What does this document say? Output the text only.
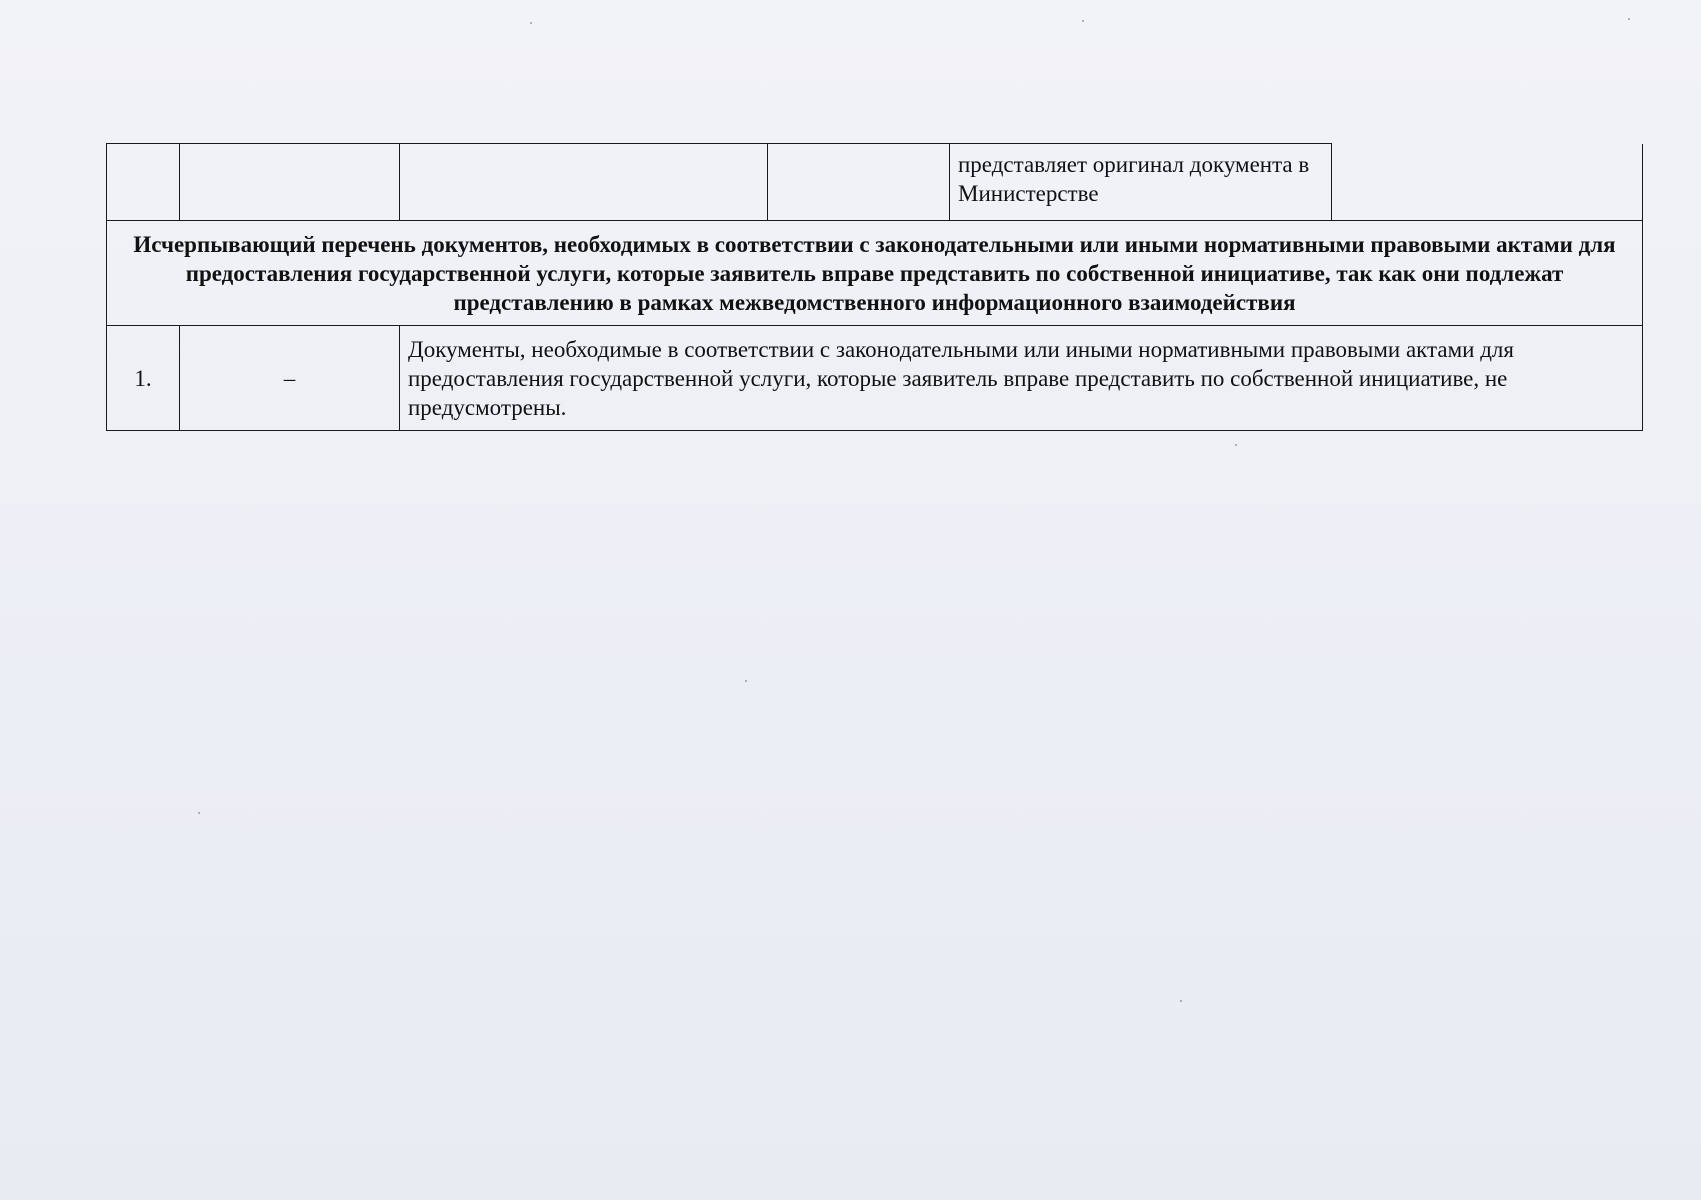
				представляет оригинал документа в Министерстве	
Исчерпывающий перечень документов, необходимых в соответствии с законодательными или иными нормативными правовыми актами для предоставления государственной услуги, которые заявитель вправе представить по собственной инициативе, так как они подлежат представлению в рамках межведомственного информационного взаимодействия					
1.	–	Документы, необходимые в соответствии с законодательными или иными нормативными правовыми актами для предоставления государственной услуги, которые заявитель вправе представить по собственной инициативе, не предусмотрены.			
